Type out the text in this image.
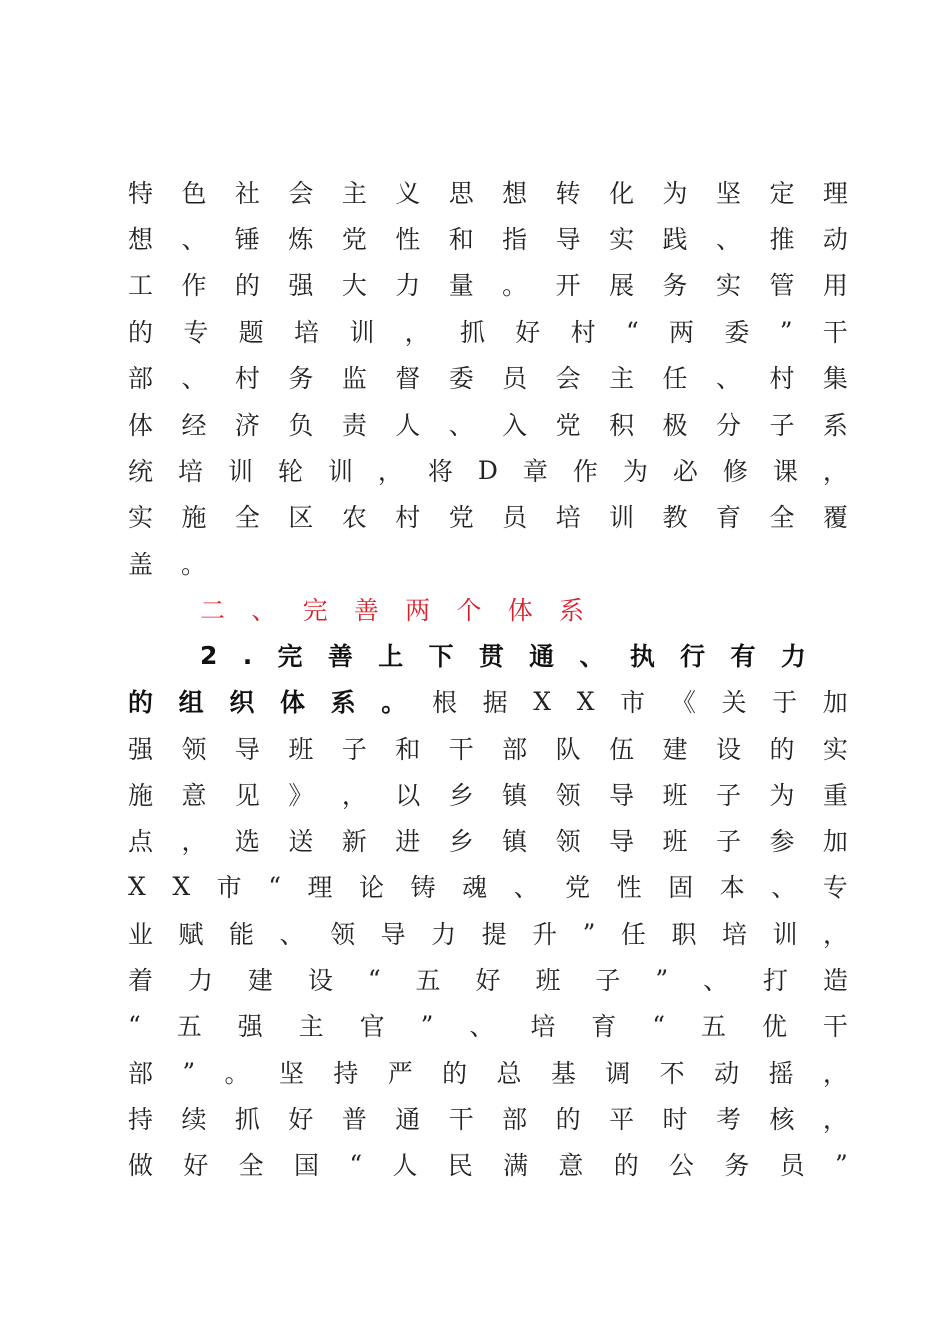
特 色 社 会 主 义 思 想 转 化 为 坚 定 理
想 、 锤 炼 党 性 和 指 导 实 践 、 推 动
工 作 的 强 大 力 量 。 开 展 务 实 管 用
的 专 题 培 训 ， 抓 好 村 “ 两 委 ” 干
部 、 村 务 监 督 委 员 会 主 任 、 村 集
体 经 济 负 责 人 、 入 党 积 极 分 子 系
统 培 训 轮 训 ， 将 D 章 作 为 必 修 课 ，
实 施 全 区 农 村 党 员 培 训 教 育 全 覆
盖 。
二 、 完 善 两 个 体 系
2 . 完 善 上 下 贯 通 、 执 行 有 力
的 组 织 体 系 。 根 据 X X 市 《 关 于 加
强 领 导 班 子 和 干 部 队 伍 建 设 的 实
施 意 见 》 ， 以 乡 镇 领 导 班 子 为 重
点 ， 选 送 新 进 乡 镇 领 导 班 子 参 加
X X 市 “ 理 论 铸 魂 、 党 性 固 本 、 专
业 赋 能 、 领 导 力 提 升 ” 任 职 培 训 ，
着 力 建 设 “ 五 好 班 子 ” 、 打 造
“ 五 强 主 官 ” 、 培 育 “ 五 优 干
部 ” 。 坚 持 严 的 总 基 调 不 动 摇 ，
持 续 抓 好 普 通 干 部 的 平 时 考 核 ，
做 好 全 国 “ 人 民 满 意 的 公 务 员 ”
